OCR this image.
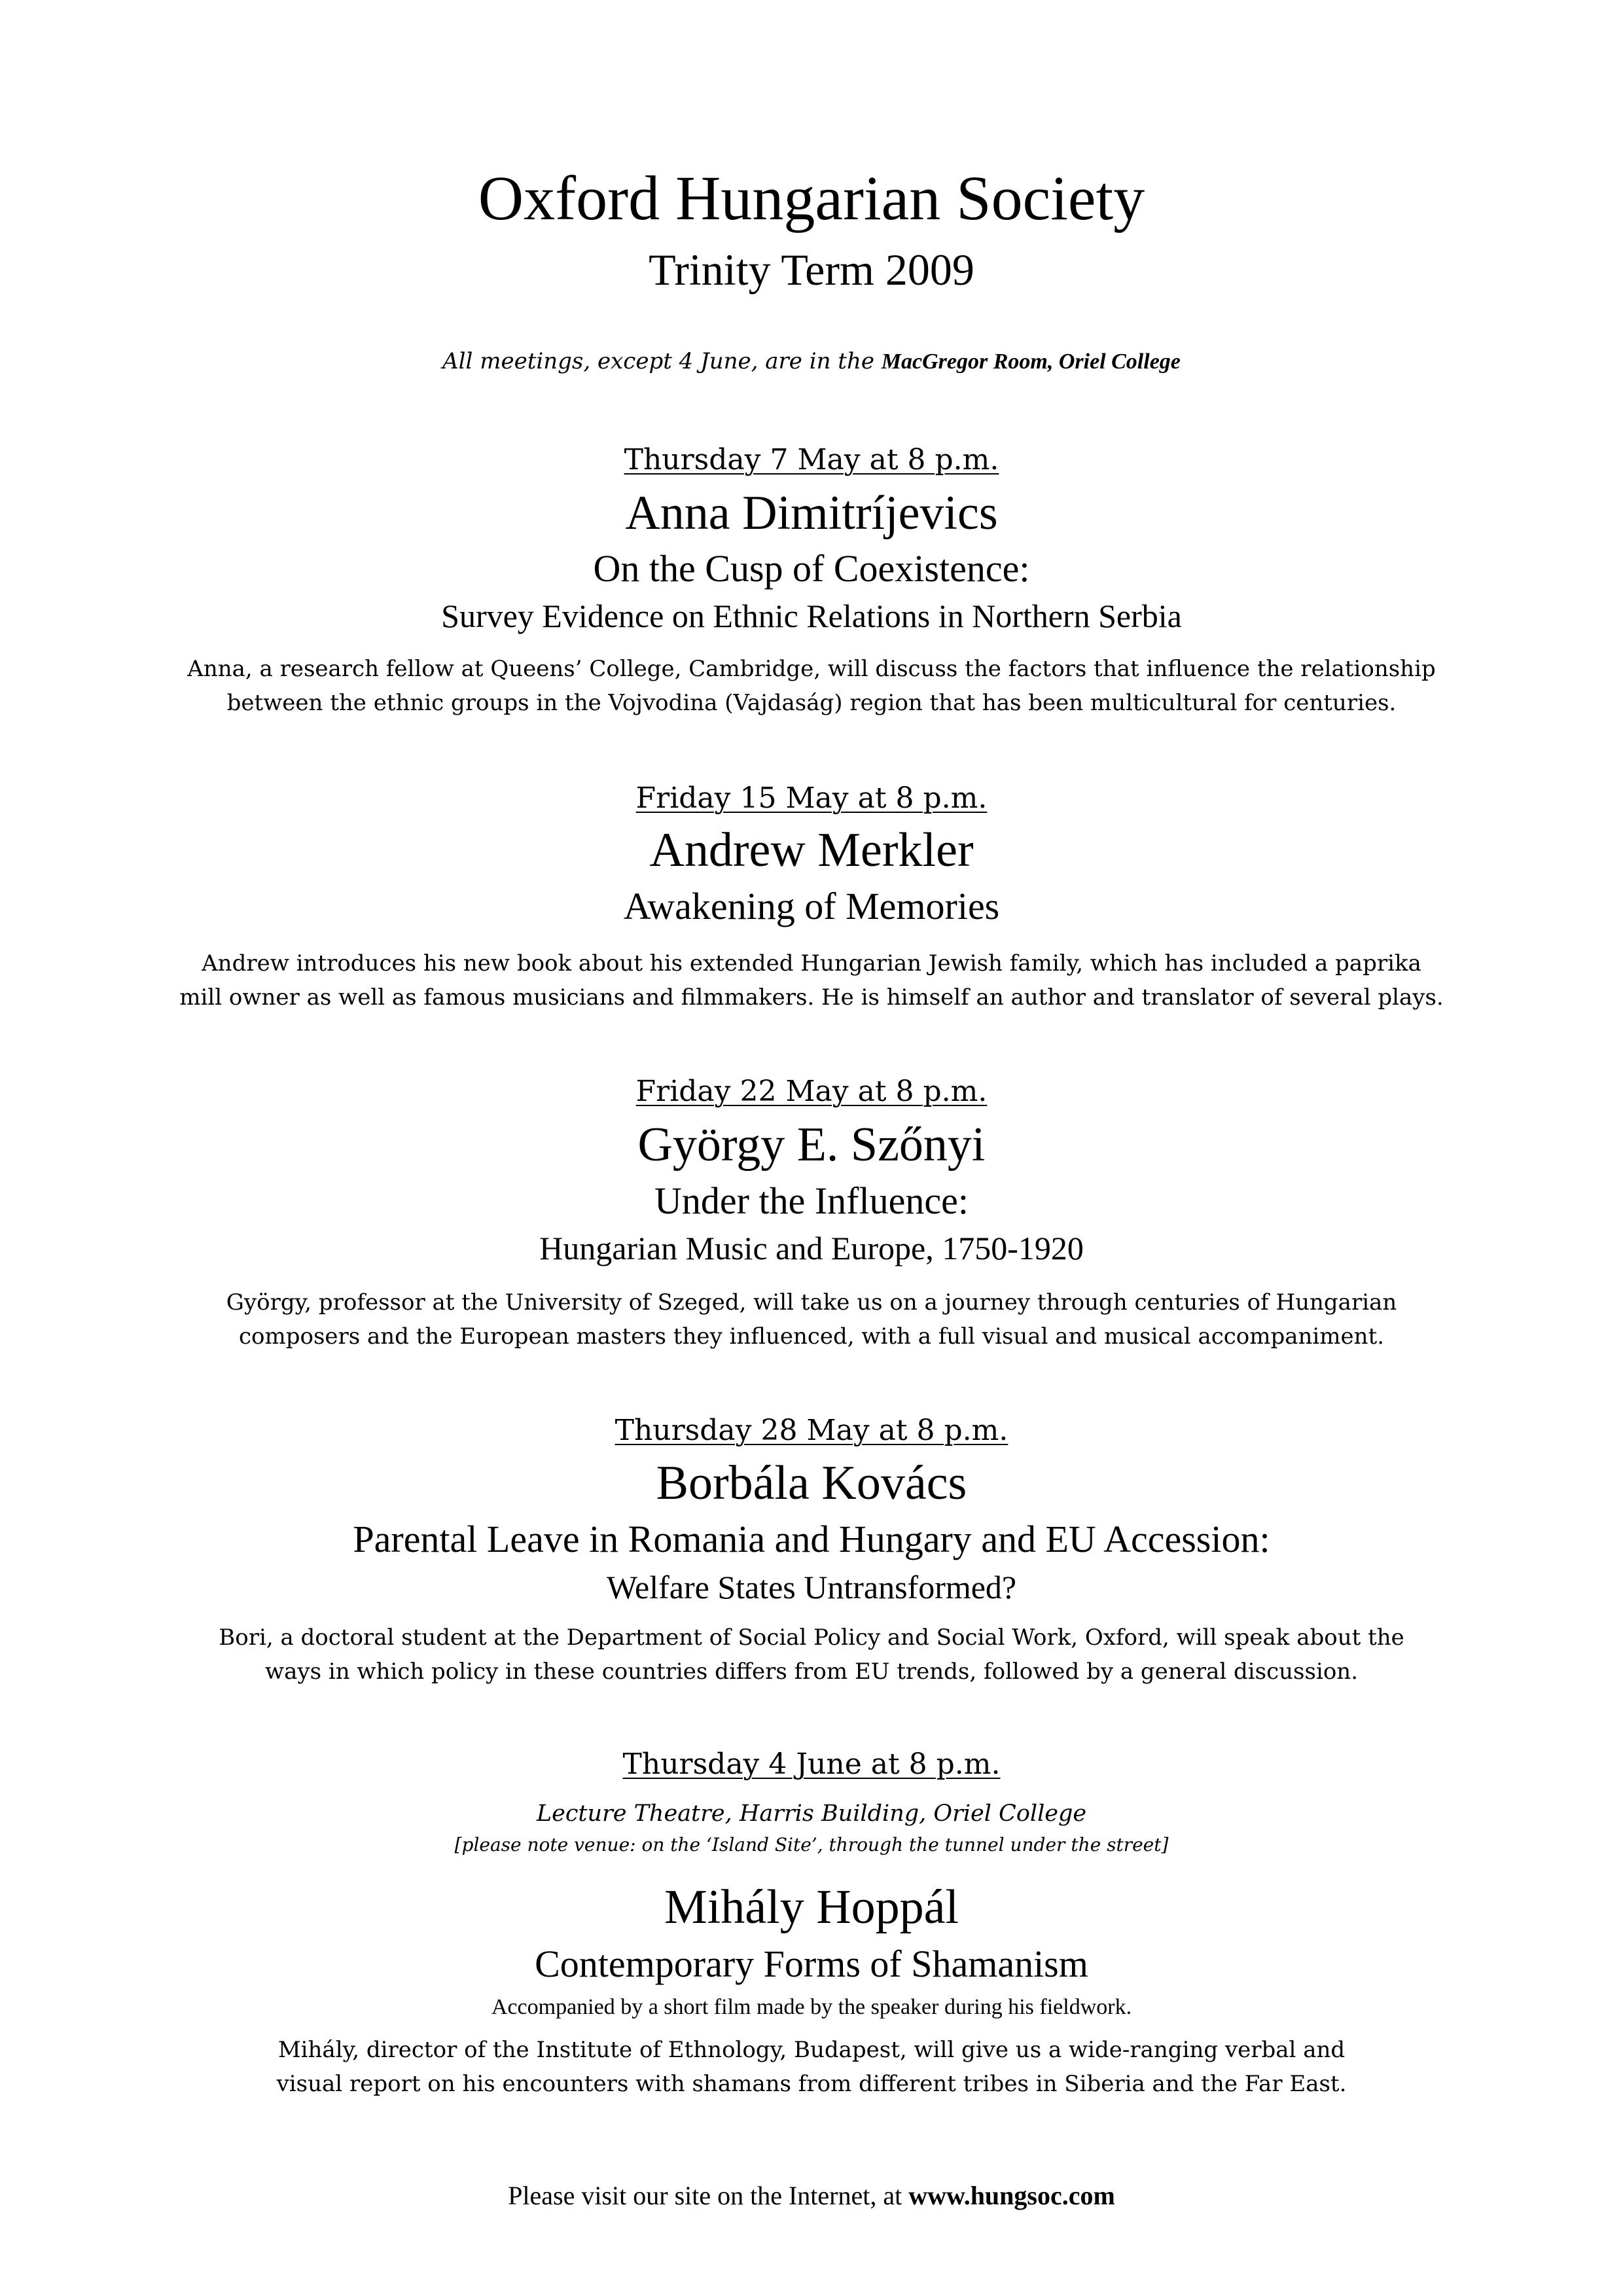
Oxford Hungarian Society
Trinity Term 2009
All meetings, except 4 June, are in the MacGregor Room, Oriel College
Thursday 7 May at 8 p.m.
Anna Dimitríjevics
On the Cusp of Coexistence:
Survey Evidence on Ethnic Relations in Northern Serbia
Anna, a research fellow at Queens’ College, Cambridge, will discuss the factors that influence the relationship
between the ethnic groups in the Vojvodina (Vajdaság) region that has been multicultural for centuries.
Friday 15 May at 8 p.m.
Andrew Merkler
Awakening of Memories
Andrew introduces his new book about his extended Hungarian Jewish family, which has included a paprika
mill owner as well as famous musicians and filmmakers. He is himself an author and translator of several plays.
Friday 22 May at 8 p.m.
György E. Szőnyi
Under the Influence:
Hungarian Music and Europe, 1750-1920
György, professor at the University of Szeged, will take us on a journey through centuries of Hungarian
composers and the European masters they influenced, with a full visual and musical accompaniment.
Thursday 28 May at 8 p.m.
Borbála Kovács
Parental Leave in Romania and Hungary and EU Accession:
Welfare States Untransformed?
Bori, a doctoral student at the Department of Social Policy and Social Work, Oxford, will speak about the
ways in which policy in these countries differs from EU trends, followed by a general discussion.
Thursday 4 June at 8 p.m.
Lecture Theatre, Harris Building, Oriel College
[please note venue: on the ‘Island Site’, through the tunnel under the street]
Mihály Hoppál
Contemporary Forms of Shamanism
Accompanied by a short film made by the speaker during his fieldwork.
Mihály, director of the Institute of Ethnology, Budapest, will give us a wide-ranging verbal and
visual report on his encounters with shamans from different tribes in Siberia and the Far East.
Please visit our site on the Internet, at www.hungsoc.com
